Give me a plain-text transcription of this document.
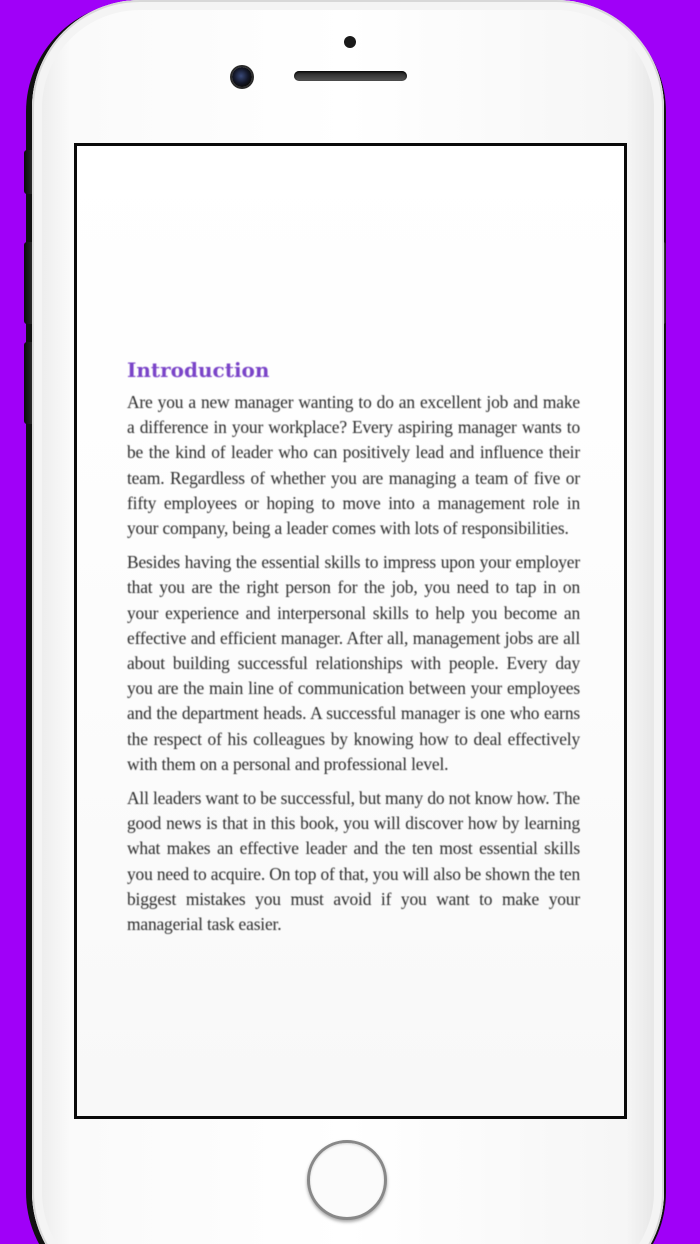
Introduction

Are you a new manager wanting to do an excellent job and make a difference in your workplace? Every aspiring manager wants to be the kind of leader who can positively lead and influence their team. Regardless of whether you are managing a team of five or fifty employees or hoping to move into a management role in your company, being a leader comes with lots of responsibilities.

Besides having the essential skills to impress upon your employer that you are the right person for the job, you need to tap in on your experience and interpersonal skills to help you become an effective and efficient manager. After all, management jobs are all about building successful relationships with people. Every day you are the main line of communication between your employees and the department heads. A successful manager is one who earns the respect of his colleagues by knowing how to deal effectively with them on a personal and professional level.

All leaders want to be successful, but many do not know how. The good news is that in this book, you will discover how by learning what makes an effective leader and the ten most essential skills you need to acquire. On top of that, you will also be shown the ten biggest mistakes you must avoid if you want to make your managerial task easier.
